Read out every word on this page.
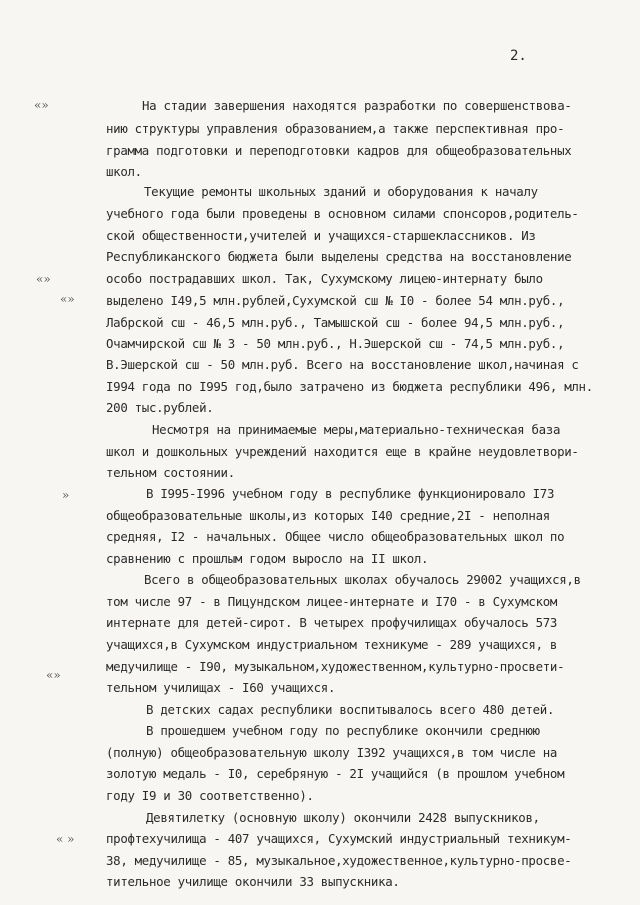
2.
«»
«»
«»
»
«»
« »
На стадии завершения находятся разработки по совершенствова-
нию структуры управления образованием,а также перспективная про-
грамма подготовки и переподготовки кадров для общеобразовательных
школ.
Текущие ремонты школьных зданий и оборудования к началу
учебного года были проведены в основном силами спонсоров,родитель-
ской общественности,учителей и учащихся-старшеклассников. Из
Республиканского бюджета были выделены средства на восстановление
особо пострадавших школ. Так, Сухумскому лицею-интернату было
выделено I49,5 млн.рублей,Сухумской сш № I0 - более 54 млн.руб.,
Лабрской сш - 46,5 млн.руб., Тамышской сш - более 94,5 млн.руб.,
Очамчирской сш № 3 - 50 млн.руб., Н.Эшерской сш - 74,5 млн.руб.,
В.Эшерской сш - 50 млн.руб. Всего на восстановление школ,начиная с
I994 года по I995 год,было затрачено из бюджета республики 496, млн.
200 тыс.рублей.
Несмотря на принимаемые меры,материально-техническая база
школ и дошкольных учреждений находится еще в крайне неудовлетвори-
тельном состоянии.
В I995-I996 учебном году в республике функционировало I73
общеобразовательные школы,из которых I40 средние,2I - неполная
средняя, I2 - начальных. Общее число общеобразовательных школ по
сравнению с прошлым годом выросло на II школ.
Всего в общеобразовательных школах обучалось 29002 учащихся,в
том числе 97 - в Пицундском лицее-интернате и I70 - в Сухумском
интернате для детей-сирот. В четырех профучилищах обучалось 573
учащихся,в Сухумском индустриальном техникуме - 289 учащихся, в
медучилище - I90, музыкальном,художественном,культурно-просвети-
тельном училищах - I60 учащихся.
В детских садах республики воспитывалось всего 480 детей.
В прошедшем учебном году по республике окончили среднюю
(полную) общеобразовательную школу I392 учащихся,в том числе на
золотую медаль - I0, серебряную - 2I учащийся (в прошлом учебном
году I9 и 30 соответственно).
Девятилетку (основную школу) окончили 2428 выпускников,
профтехучилища - 407 учащихся, Сухумский индустриальный техникум-
38, медучилище - 85, музыкальное,художественное,культурно-просве-
тительное училище окончили 33 выпускника.
